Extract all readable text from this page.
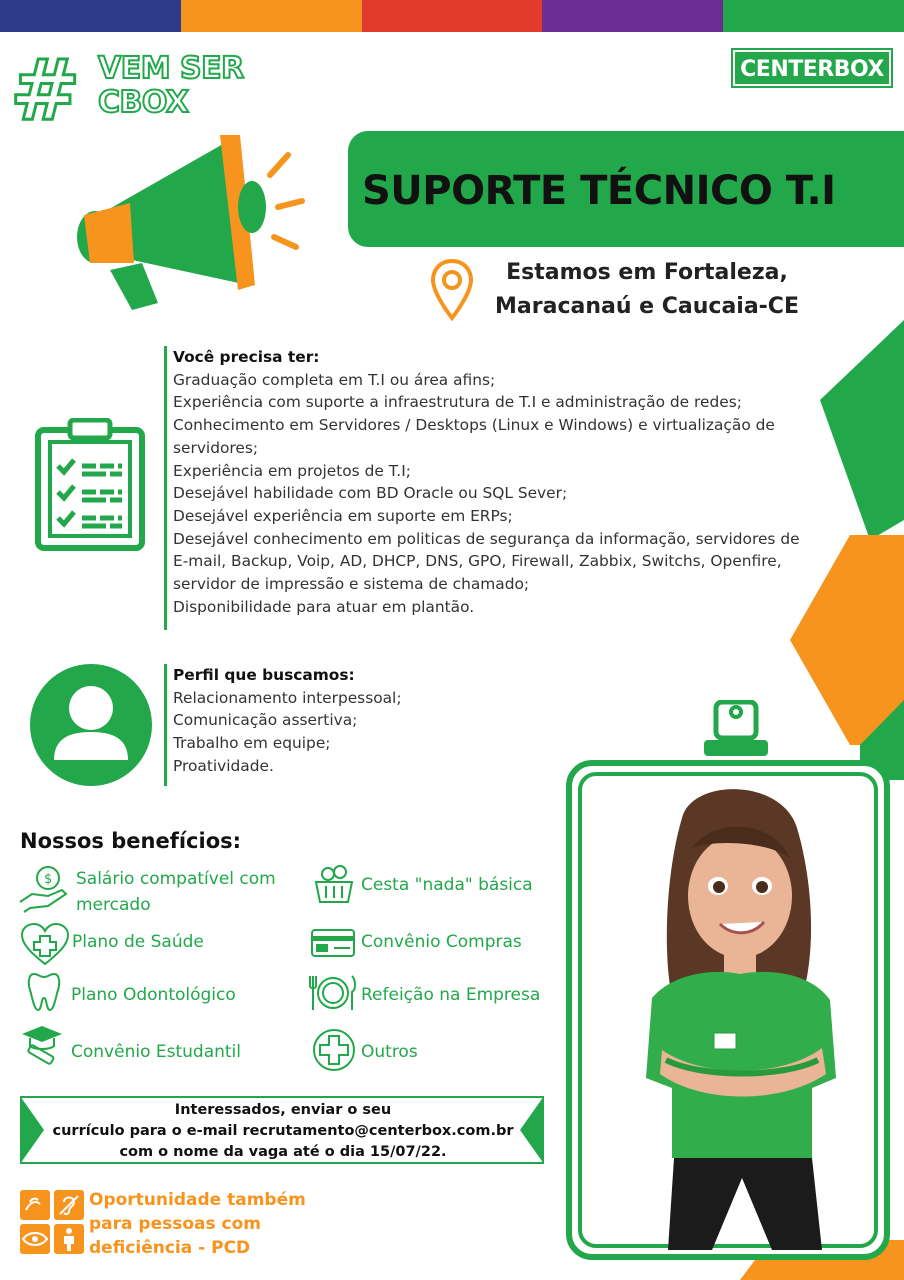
# VEM SER
CBOX
CENTERBOX
SUPORTE TÉCNICO T.I
Estamos em Fortaleza,
Maracanaú e Caucaia-CE
Você precisa ter:
Graduação completa em T.I ou área afins;
Experiência com suporte a infraestrutura de T.I e administração de redes;
Conhecimento em Servidores / Desktops (Linux e Windows) e virtualização de
servidores;
Experiência em projetos de T.I;
Desejável habilidade com BD Oracle ou SQL Sever;
Desejável experiência em suporte em ERPs;
Desejável conhecimento em politicas de segurança da informação, servidores de
E-mail, Backup, Voip, AD, DHCP, DNS, GPO, Firewall, Zabbix, Switchs, Openfire,
servidor de impressão e sistema de chamado;
Disponibilidade para atuar em plantão.
Perfil que buscamos:
Relacionamento interpessoal;
Comunicação assertiva;
Trabalho em equipe;
Proatividade.
Nossos benefícios:
$ Salário compatível com
mercado
Plano de Saúde
Plano Odontológico
Convênio Estudantil
Cesta "nada" básica
Convênio Compras
Refeição na Empresa
Outros
Interessados, enviar o seu
currículo para o e-mail recrutamento@centerbox.com.br
com o nome da vaga até o dia 15/07/22.
Oportunidade também
para pessoas com
deficiência - PCD
